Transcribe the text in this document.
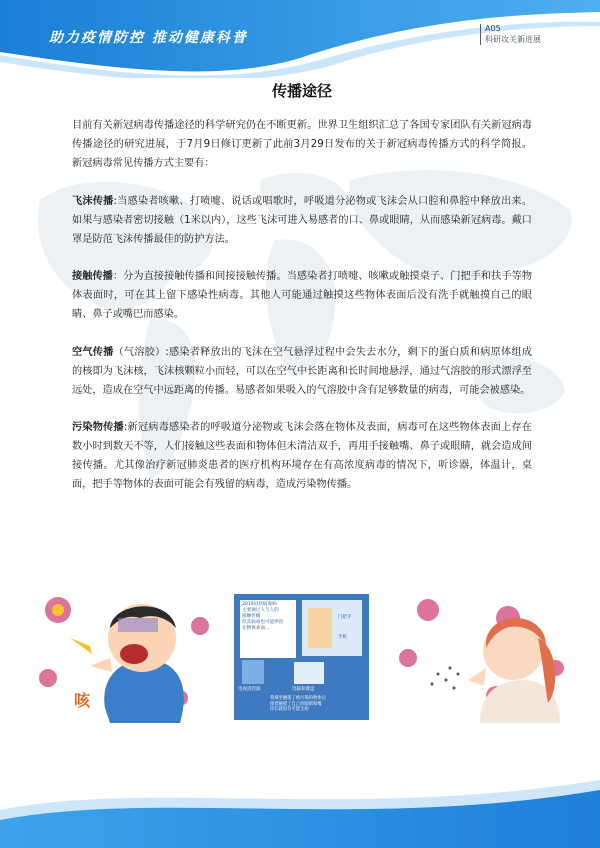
助力疫情防控 推动健康科普
A05
科研攻关新进展
传播途径

目前有关新冠病毒传播途径的科学研究仍在不断更新。世界卫生组织汇总了各国专家团队有关新冠病毒传播途径的研究进展，于7月9日修订更新了此前3月29日发布的关于新冠病毒传播方式的科学简报。新冠病毒常见传播方式主要有：

飞沫传播:当感染者咳嗽、打喷嚏、说话或唱歌时，呼吸道分泌物或飞沫会从口腔和鼻腔中释放出来。如果与感染者密切接触（1米以内），这些飞沫可进入易感者的口、鼻或眼睛，从而感染新冠病毒。戴口罩是防范飞沫传播最佳的防护方法。

接触传播：分为直接接触传播和间接接触传播。当感染者打喷嚏、咳嗽或触摸桌子、门把手和扶手等物体表面时，可在其上留下感染性病毒。其他人可能通过触摸这些物体表面后没有洗手就触摸自己的眼睛、鼻子或嘴巴而感染。

空气传播（气溶胶）:感染者释放出的飞沫在空气悬浮过程中会失去水分，剩下的蛋白质和病原体组成的核即为飞沫核，飞沫核颗粒小而轻，可以在空气中长距离和长时间地悬浮，通过气溶胶的形式漂浮至远处，造成在空气中远距离的传播。易感者如果吸入的气溶胶中含有足够数量的病毒，可能会被感染。

污染物传播:新冠病毒感染者的呼吸道分泌物或飞沫会落在物体及表面，病毒可在这些物体表面上存在数小时到数天不等，人们接触这些表面和物体但未清洁双手，再用手接触嘴、鼻子或眼睛，就会造成间接传播。尤其像治疗新冠肺炎患者的医疗机构环境存在有高浓度病毒的情况下，听诊器，体温计，桌面，把手等物体的表面可能会有残留的病毒，造成污染物传播。

咳
2019冠状病毒病
主要通过人与人的
接触传播
但其病毒也可能停留
在物体表面…
门把手
手机
电视遥控器	电脑和键盘
我乘坐触摸了被污染的物体后
接着触摸了自己的眼睛和嘴
你们就很有可能生病
